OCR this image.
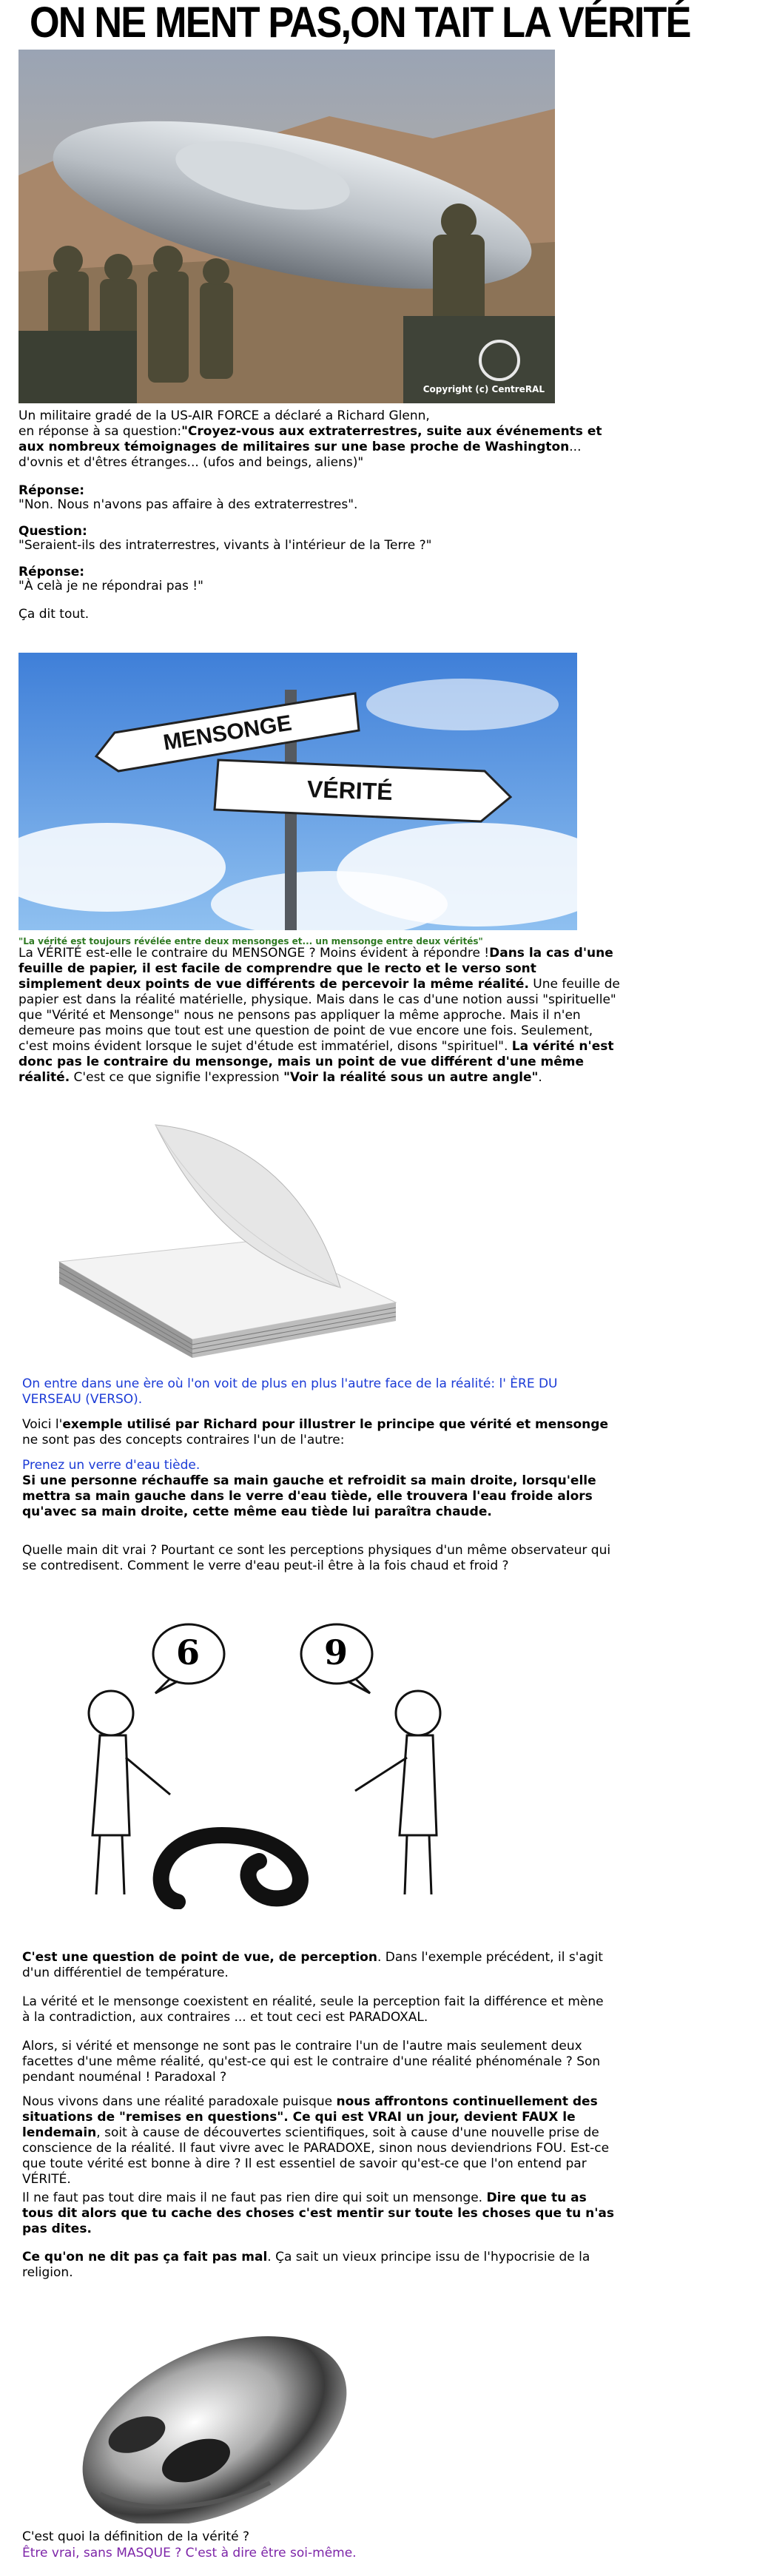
ON NE MENT PAS,ON TAIT LA VÉRITÉ
Copyright (c) CentreRAL

Un militaire gradé de la US-AIR FORCE a déclaré a Richard Glenn,

en réponse à sa question:"Croyez-vous aux extraterrestres, suite aux événements et aux nombreux témoignages de militaires sur une base proche de Washington... d'ovnis et d'êtres étranges... (ufos and beings, aliens)"

Réponse:
"Non. Nous n'avons pas affaire à des extraterrestres".
Question:
"Seraient-ils des intraterrestres, vivants à l'intérieur de la Terre ?"
Réponse:
"À celà je ne répondrai pas !"
Ça dit tout.
MENSONGE
VÉRITÉ
"La vérité est toujours révélée entre deux mensonges et... un mensonge entre deux vérités"

La VÉRITÉ est-elle le contraire du MENSONGE ? Moins évident à répondre !Dans la cas d'une feuille de papier, il est facile de comprendre que le recto et le verso sont simplement deux points de vue différents de percevoir la même réalité. Une feuille de papier est dans la réalité matérielle, physique. Mais dans le cas d'une notion aussi "spirituelle" que "Vérité et Mensonge" nous ne pensons pas appliquer la même approche. Mais il n'en demeure pas moins que tout est une question de point de vue encore une fois. Seulement, c'est moins évident lorsque le sujet d'étude est immatériel, disons "spirituel". La vérité n'est donc pas le contraire du mensonge, mais un point de vue différent d'une même réalité. C'est ce que signifie l'expression "Voir la réalité sous un autre angle".

On entre dans une ère où l'on voit de plus en plus l'autre face de la réalité: l' ÈRE DU VERSEAU (VERSO).

Voici l'exemple utilisé par Richard pour illustrer le principe que vérité et mensonge ne sont pas des concepts contraires l'un de l'autre:

Prenez un verre d'eau tiède.
Si une personne réchauffe sa main gauche et refroidit sa main droite, lorsqu'elle mettra sa main gauche dans le verre d'eau tiède, elle trouvera l'eau froide alors qu'avec sa main droite, cette même eau tiède lui paraîtra chaude.
Quelle main dit vrai ? Pourtant ce sont les perceptions physiques d'un même observateur qui se contredisent. Comment le verre d'eau peut-il être à la fois chaud et froid ?
6	9

C'est une question de point de vue, de perception. Dans l'exemple précédent, il s'agit d'un différentiel de température.

La vérité et le mensonge coexistent en réalité, seule la perception fait la différence et mène à la contradiction, aux contraires ... et tout ceci est PARADOXAL.
Alors, si vérité et mensonge ne sont pas le contraire l'un de l'autre mais seulement deux facettes d'une même réalité, qu'est-ce qui est le contraire d'une réalité phénoménale ? Son pendant nouménal ! Paradoxal ?

Nous vivons dans une réalité paradoxale puisque nous affrontons continuellement des situations de "remises en questions". Ce qui est VRAI un jour, devient FAUX le lendemain, soit à cause de découvertes scientifiques, soit à cause d'une nouvelle prise de conscience de la réalité. Il faut vivre avec le PARADOXE, sinon nous deviendrions FOU. Est-ce que toute vérité est bonne à dire ? Il est essentiel de savoir qu'est-ce que l'on entend par VÉRITÉ.

Il ne faut pas tout dire mais il ne faut pas rien dire qui soit un mensonge. Dire que tu as tous dit alors que tu cache des choses c'est mentir sur toute les choses que tu n'as pas dites.

Ce qu'on ne dit pas ça fait pas mal. Ça sait un vieux principe issu de l'hypocrisie de la religion.

C'est quoi la définition de la vérité ?
Être vrai, sans MASQUE ? C'est à dire être soi-même.
